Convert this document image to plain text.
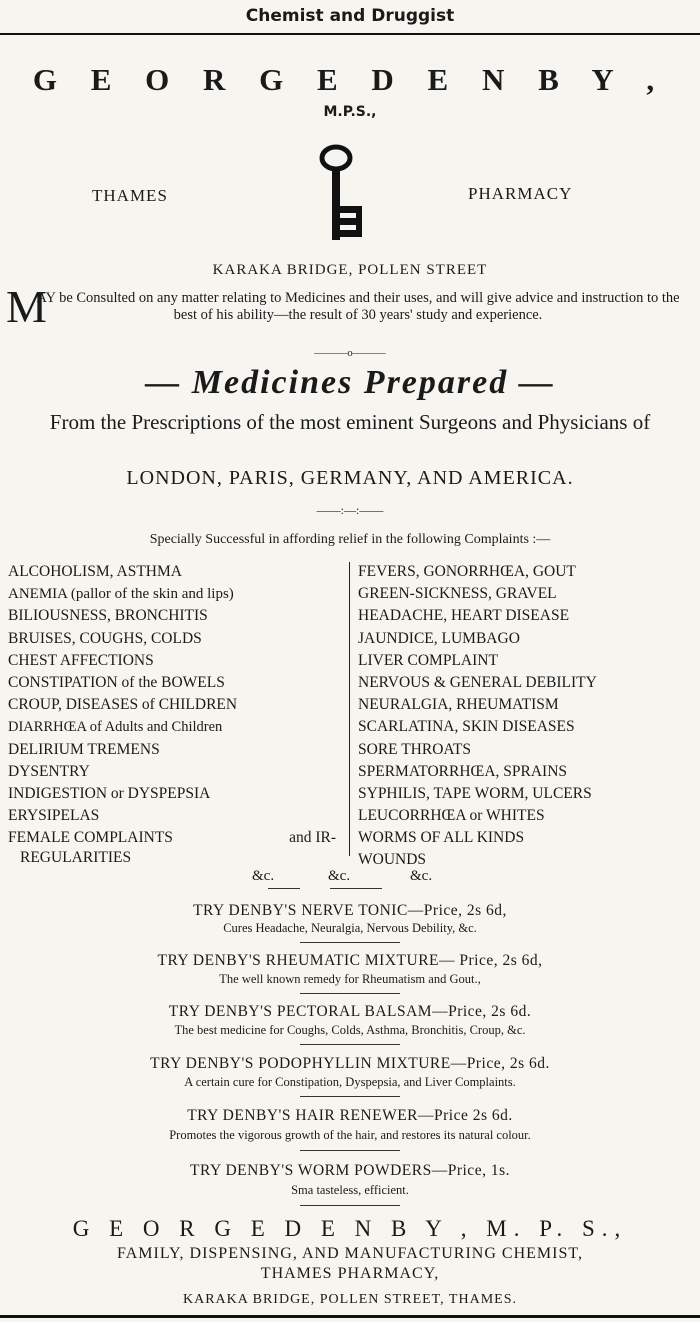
Chemist and Druggist
G E O R G E D E N B Y ,
M.P.S.,
THAMES	PHARMACY
KARAKA BRIDGE, POLLEN STREET
M
AY be Consulted on any matter relating to Medicines and their uses, and will give advice and instruction to the best of his ability—the result of 30 years' study and experience.
———o———
— Medicines Prepared —
From the Prescriptions of the most eminent Surgeons and Physicians of
LONDON, PARIS, GERMANY, AND AMERICA.
——:—:——
Specially Successful in affording relief in the following Complaints :—
ALCOHOLISM, ASTHMA
ANEMIA (pallor of the skin and lips)
BILIOUSNESS, BRONCHITIS
BRUISES, COUGHS, COLDS
CHEST AFFECTIONS
CONSTIPATION of the BOWELS
CROUP, DISEASES of CHILDREN
DIARRHŒA of Adults and Children
DELIRIUM TREMENS
DYSENTRY
INDIGESTION or DYSPEPSIA
ERYSIPELAS
FEMALE COMPLAINTS	and IR-
REGULARITIES
FEVERS, GONORRHŒA, GOUT
GREEN-SICKNESS, GRAVEL
HEADACHE, HEART DISEASE
JAUNDICE, LUMBAGO
LIVER COMPLAINT
NERVOUS & GENERAL DEBILITY
NEURALGIA, RHEUMATISM
SCARLATINA, SKIN DISEASES
SORE THROATS
SPERMATORRHŒA, SPRAINS
SYPHILIS, TAPE WORM, ULCERS
LEUCORRHŒA or WHITES
WORMS OF ALL KINDS
WOUNDS
&c.	&c.	&c.
TRY DENBY'S NERVE TONIC—Price, 2s 6d,
Cures Headache, Neuralgia, Nervous Debility, &c.
TRY DENBY'S RHEUMATIC MIXTURE— Price, 2s 6d,
The well known remedy for Rheumatism and Gout.,
TRY DENBY'S PECTORAL BALSAM—Price, 2s 6d.
The best medicine for Coughs, Colds, Asthma, Bronchitis, Croup, &c.
TRY DENBY'S PODOPHYLLIN MIXTURE—Price, 2s 6d.
A certain cure for Constipation, Dyspepsia, and Liver Complaints.
TRY DENBY'S HAIR RENEWER—Price 2s 6d.
Promotes the vigorous growth of the hair, and restores its natural colour.
TRY DENBY'S WORM POWDERS—Price, 1s.
Sma tasteless, efficient.
G E O R G E D E N B Y , M. P. S.,
FAMILY, DISPENSING, AND MANUFACTURING CHEMIST,
THAMES PHARMACY,
KARAKA BRIDGE, POLLEN STREET, THAMES.
